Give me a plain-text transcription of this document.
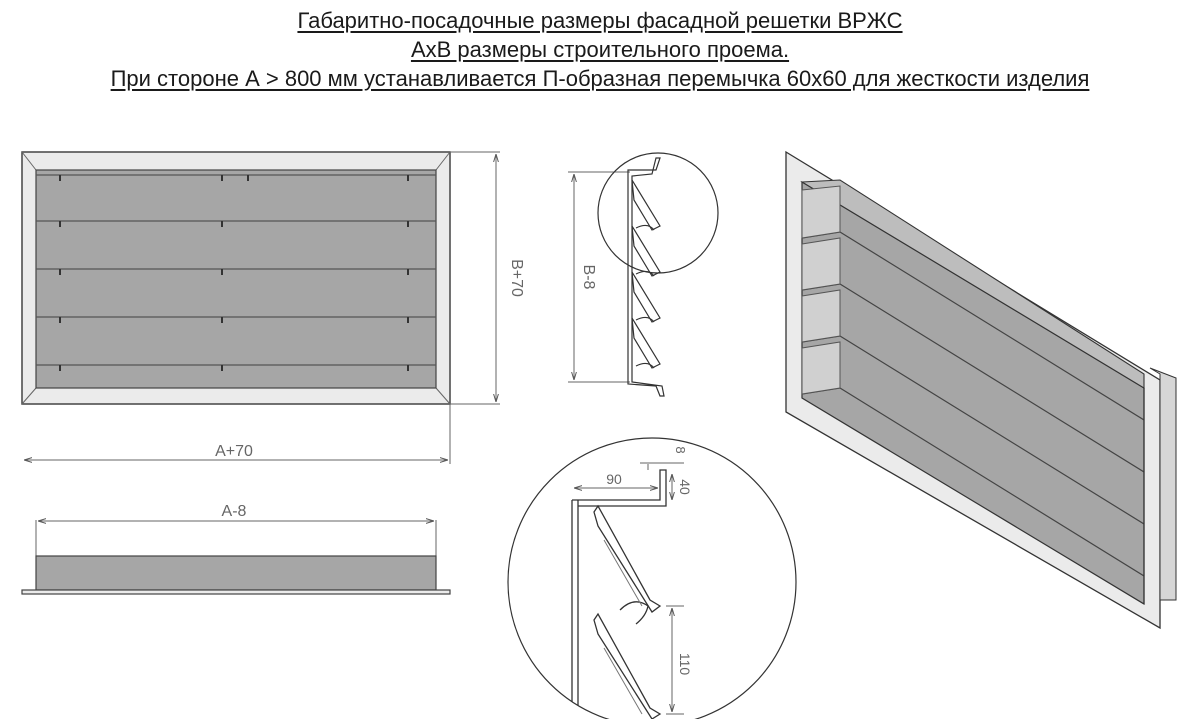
Габаритно-посадочные размеры фасадной решетки ВРЖС
AxB размеры строительного проема.
При стороне А > 800 мм устанавливается П-образная перемычка 60х60 для жесткости изделия
B+70
A+70
A-8
B-8
90
8
40
110
